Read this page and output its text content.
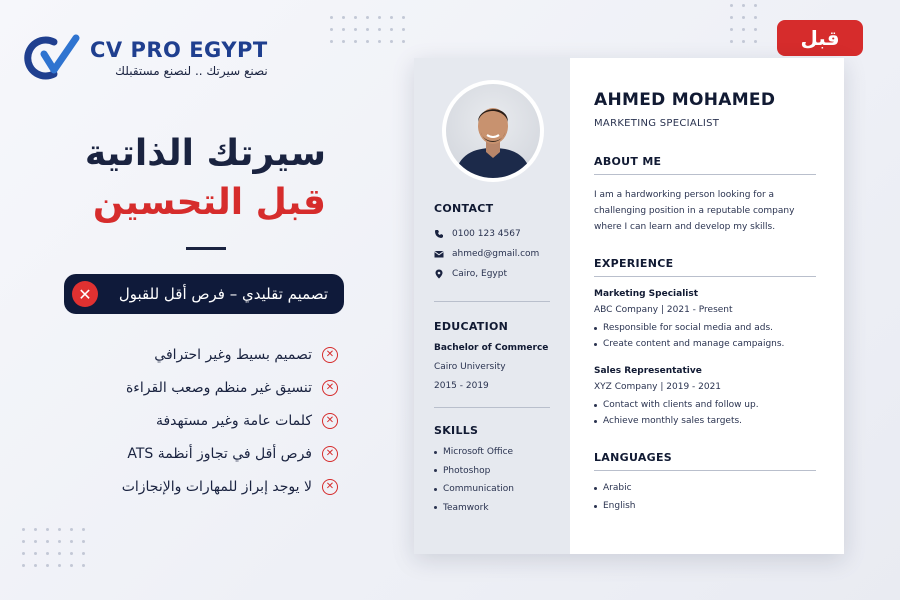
CV PRO EGYPT
نصنع سيرتك .. لنصنع مستقبلك
سيرتك الذاتية
قبل التحسين
✕	تصميم تقليدي – فرص أقل للقبول
تصميم بسيط وغير احترافي	✕
تنسيق غير منظم وصعب القراءة	✕
كلمات عامة وغير مستهدفة	✕
فرص أقل في تجاوز أنظمة ATS	✕
لا يوجد إبراز للمهارات والإنجازات	✕
قبل
CONTACT
0100 123 4567
ahmed@gmail.com
Cairo, Egypt
EDUCATION
Bachelor of Commerce
Cairo University
2015 - 2019
SKILLS
Microsoft Office
Photoshop
Communication
Teamwork
AHMED MOHAMED
MARKETING SPECIALIST
ABOUT ME
I am a hardworking person looking for a challenging position in a reputable company where I can learn and develop my skills.
EXPERIENCE
Marketing Specialist
ABC Company | 2021 - Present
Responsible for social media and ads.
Create content and manage campaigns.
Sales Representative
XYZ Company | 2019 - 2021
Contact with clients and follow up.
Achieve monthly sales targets.
LANGUAGES
Arabic
English
